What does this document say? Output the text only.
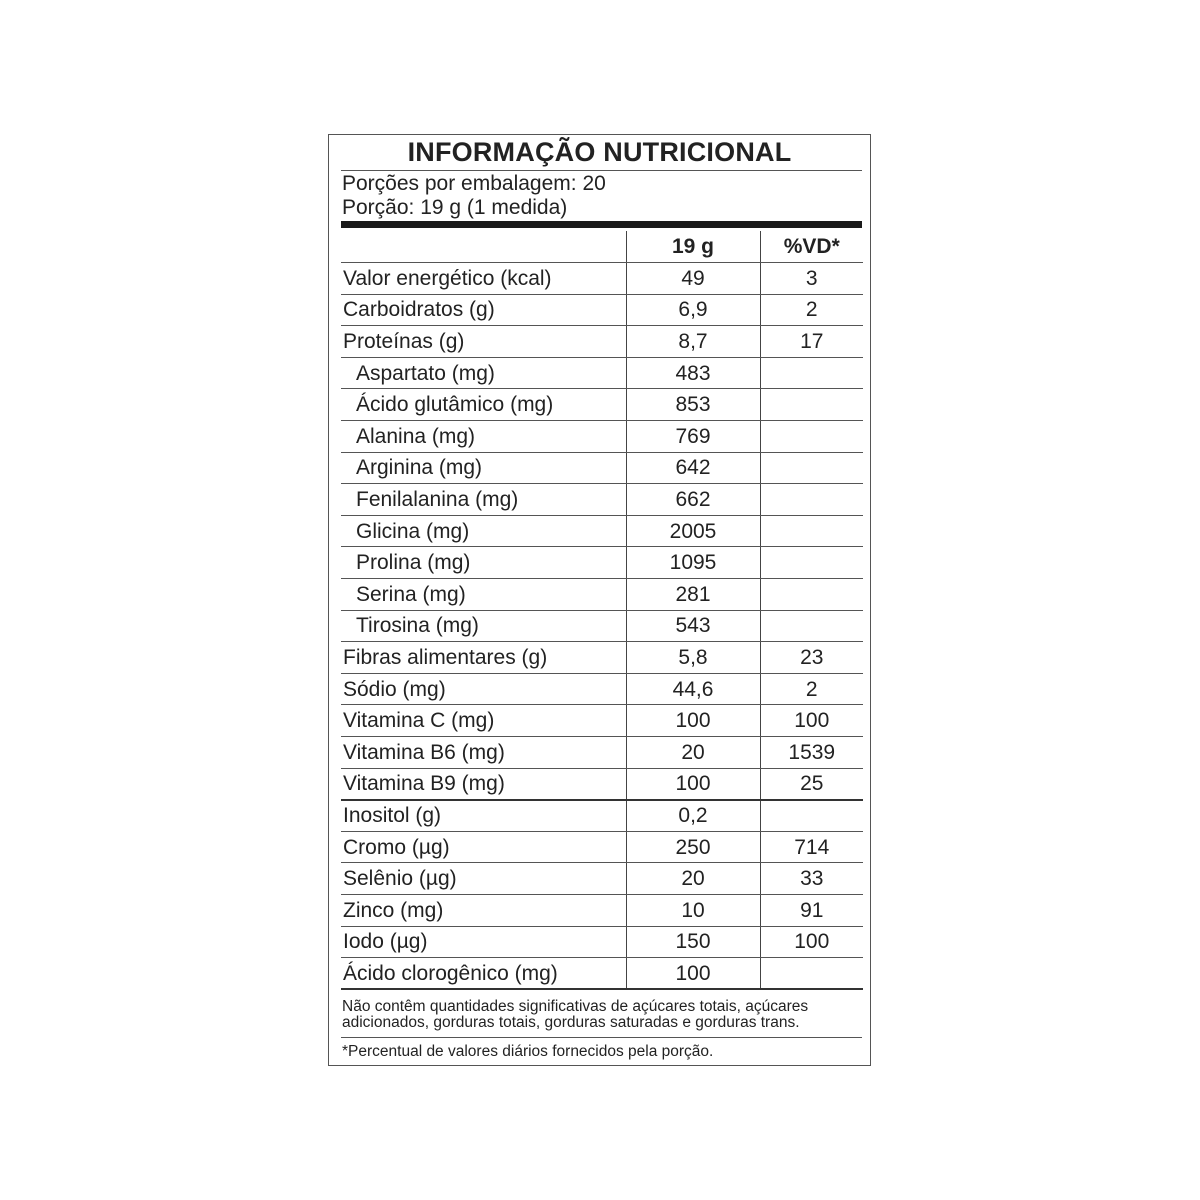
INFORMAÇÃO NUTRICIONAL
Porções por embalagem: 20
Porção: 19 g (1 medida)
	19 g	%VD*
Valor energético (kcal)	49	3
Carboidratos (g)	6,9	2
Proteínas (g)	8,7	17
Aspartato (mg)	483	
Ácido glutâmico (mg)	853	
Alanina (mg)	769	
Arginina (mg)	642	
Fenilalanina (mg)	662	
Glicina (mg)	2005	
Prolina (mg)	1095	
Serina (mg)	281	
Tirosina (mg)	543	
Fibras alimentares (g)	5,8	23
Sódio (mg)	44,6	2
Vitamina C (mg)	100	100
Vitamina B6 (mg)	20	1539
Vitamina B9 (mg)	100	25
Inositol (g)	0,2	
Cromo (µg)	250	714
Selênio (µg)	20	33
Zinco (mg)	10	91
Iodo (µg)	150	100
Ácido clorogênico (mg)	100	
Não contêm quantidades significativas de açúcares totais, açúcares adicionados, gorduras totais, gorduras saturadas e gorduras trans.
*Percentual de valores diários fornecidos pela porção.
